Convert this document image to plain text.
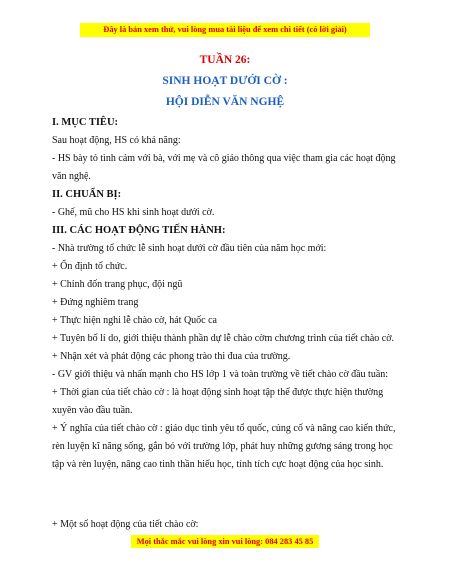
Đây là bản xem thử, vui lòng mua tài liệu để xem chi tiết (có lời giải)
TUẦN 26:
SINH HOẠT DƯỚI CỜ :
HỘI DIỄN VĂN NGHỆ

I. MỤC TIÊU:

Sau hoạt động, HS có khả năng:

- HS bày tỏ tình cảm với bà, với mẹ và cô giáo thông qua việc tham gia các hoạt động văn nghệ.

II. CHUẨN BỊ:

- Ghế, mũ cho HS khi sinh hoạt dưới cờ.

III. CÁC HOẠT ĐỘNG TIẾN HÀNH:

- Nhà trường tổ chức lễ sinh hoạt dưới cờ đầu tiên của năm học mới:

+ Ổn định tổ chức.

+ Chỉnh đốn trang phục, đội ngũ

+ Đứng nghiêm trang

+ Thực hiện nghi lễ chào cờ, hát Quốc ca

+ Tuyên bố lí do, giới thiệu thành phần dự lễ chào cờm chương trình của tiết chào cờ.

+ Nhận xét và phát động các phong trào thi đua của trường.

- GV giới thiệu và nhấn mạnh cho HS lớp 1 và toàn trường về tiết chào cờ đầu tuần:

+ Thời gian của tiết chào cờ : là hoạt động sinh hoạt tập thể được thực hiện thường xuyên vào đầu tuần.

+ Ý nghĩa của tiết chào cờ : giáo dục tình yêu tổ quốc, củng cố và nâng cao kiến thức, rèn luyện kĩ năng sống, gắn bó với trường lớp, phát huy những gương sáng trong học tập và rèn luyện, nâng cao tinh thần hiếu học, tính tích cực hoạt động của học sinh.

+ Một số hoạt động của tiết chào cờ:
Mọi thắc mắc vui lòng xin vui lòng: 084 283 45 85
